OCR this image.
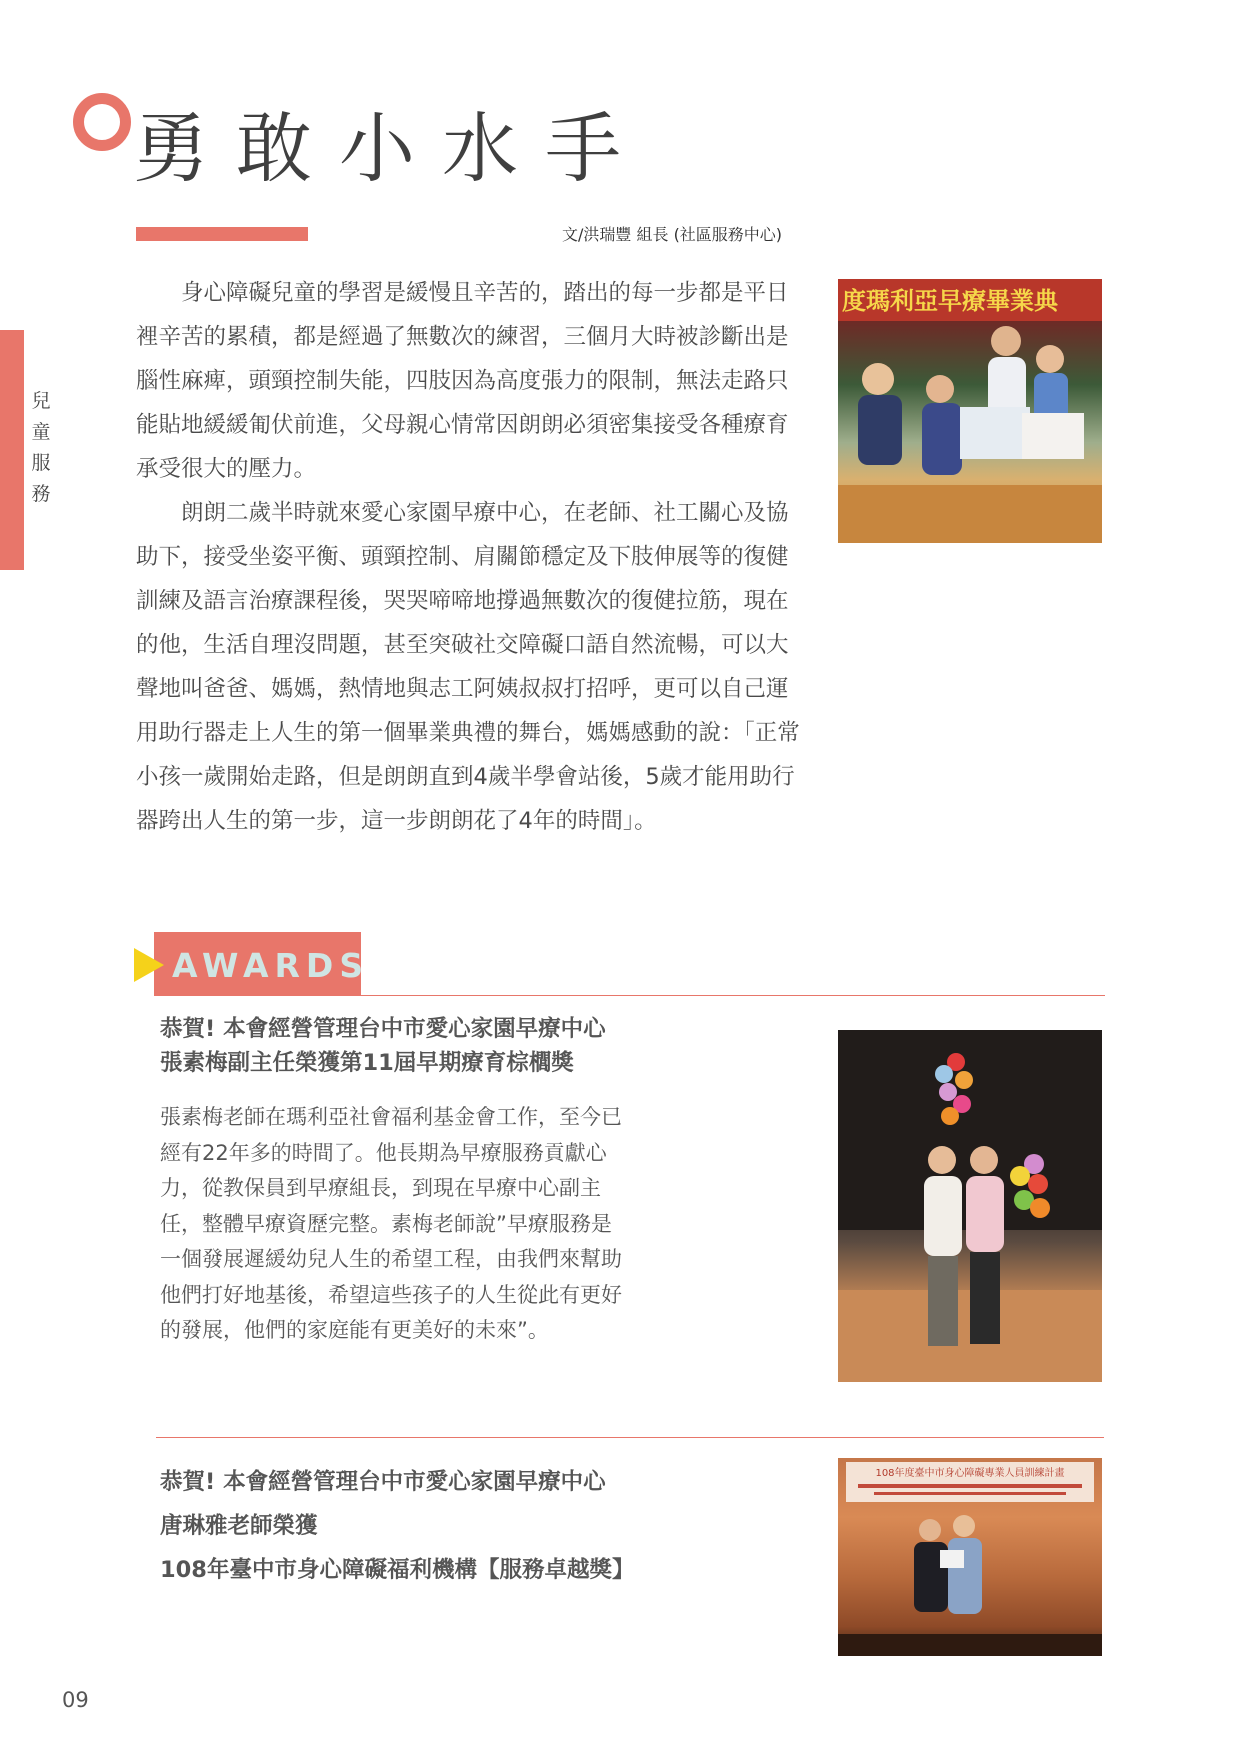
兒
童
服
務
勇敢小水手
文/洪瑞豐 組長 (社區服務中心)

身心障礙兒童的學習是緩慢且辛苦的，踏出的每一步都是平日裡辛苦的累積，都是經過了無數次的練習，三個月大時被診斷出是腦性麻痺，頭頸控制失能，四肢因為高度張力的限制，無法走路只能貼地緩緩匍伏前進，父母親心情常因朗朗必須密集接受各種療育承受很大的壓力。

朗朗二歲半時就來愛心家園早療中心，在老師、社工關心及協助下，接受坐姿平衡、頭頸控制、肩關節穩定及下肢伸展等的復健訓練及語言治療課程後，哭哭啼啼地撐過無數次的復健拉筋，現在的他，生活自理沒問題，甚至突破社交障礙口語自然流暢，可以大聲地叫爸爸、媽媽，熱情地與志工阿姨叔叔打招呼，更可以自己運用助行器走上人生的第一個畢業典禮的舞台，媽媽感動的說：「正常小孩一歲開始走路，但是朗朗直到4歲半學會站後，5歲才能用助行器跨出人生的第一步，這一步朗朗花了4年的時間」。

度瑪利亞早療畢業典
AWARDS
恭賀! 本會經營管理台中市愛心家園早療中心
張素梅副主任榮獲第11屆早期療育棕櫚獎
張素梅老師在瑪利亞社會福利基金會工作，至今已經有22年多的時間了。他長期為早療服務貢獻心力，從教保員到早療組長，到現在早療中心副主任，整體早療資歷完整。素梅老師說”早療服務是一個發展遲緩幼兒人生的希望工程，由我們來幫助他們打好地基後，希望這些孩子的人生從此有更好的發展，他們的家庭能有更美好的未來”。
恭賀! 本會經營管理台中市愛心家園早療中心
唐琳雅老師榮獲
108年臺中市身心障礙福利機構【服務卓越獎】
108年度臺中市身心障礙專業人員訓練計畫
09
